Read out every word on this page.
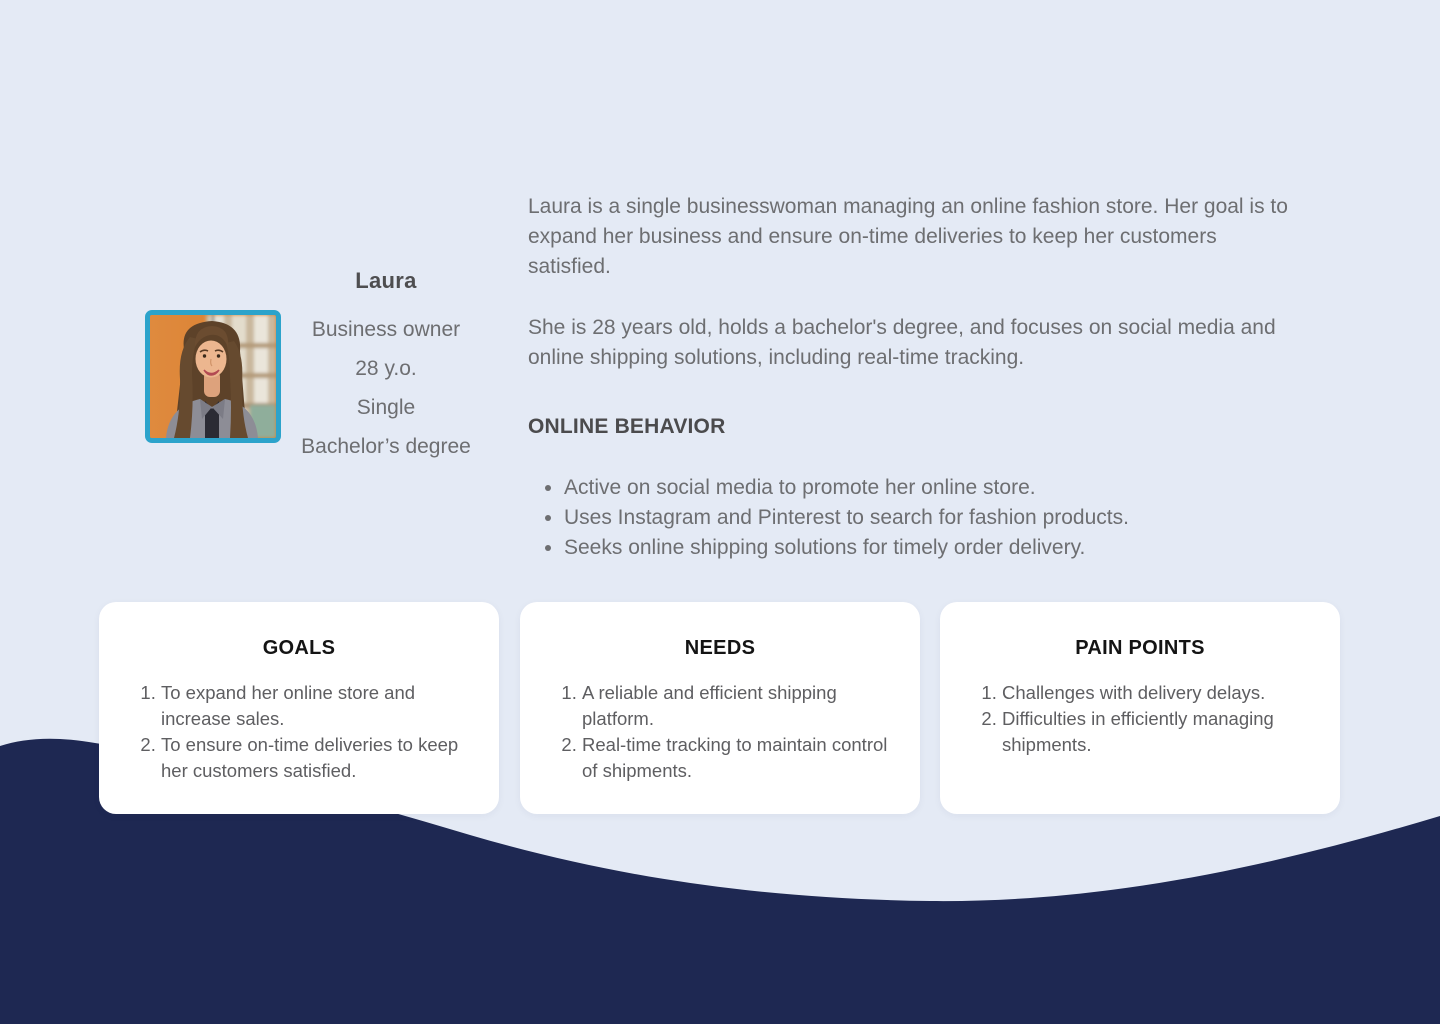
Laura
Business owner
28 y.o.
Single
Bachelor’s degree

Laura is a single businesswoman managing an online fashion store. Her goal is to expand her business and ensure on-time deliveries to keep her customers satisfied.

She is 28 years old, holds a bachelor's degree, and focuses on social media and online shipping solutions, including real-time tracking.

ONLINE BEHAVIOR
• Active on social media to promote her online store.
• Uses Instagram and Pinterest to search for fashion products.
• Seeks online shipping solutions for timely order delivery.
GOALS
1. To expand her online store and increase sales.
2. To ensure on-time deliveries to keep her customers satisfied.
NEEDS
1. A reliable and efficient shipping platform.
2. Real-time tracking to maintain control of shipments.
PAIN POINTS
1. Challenges with delivery delays.
2. Difficulties in efficiently managing shipments.
